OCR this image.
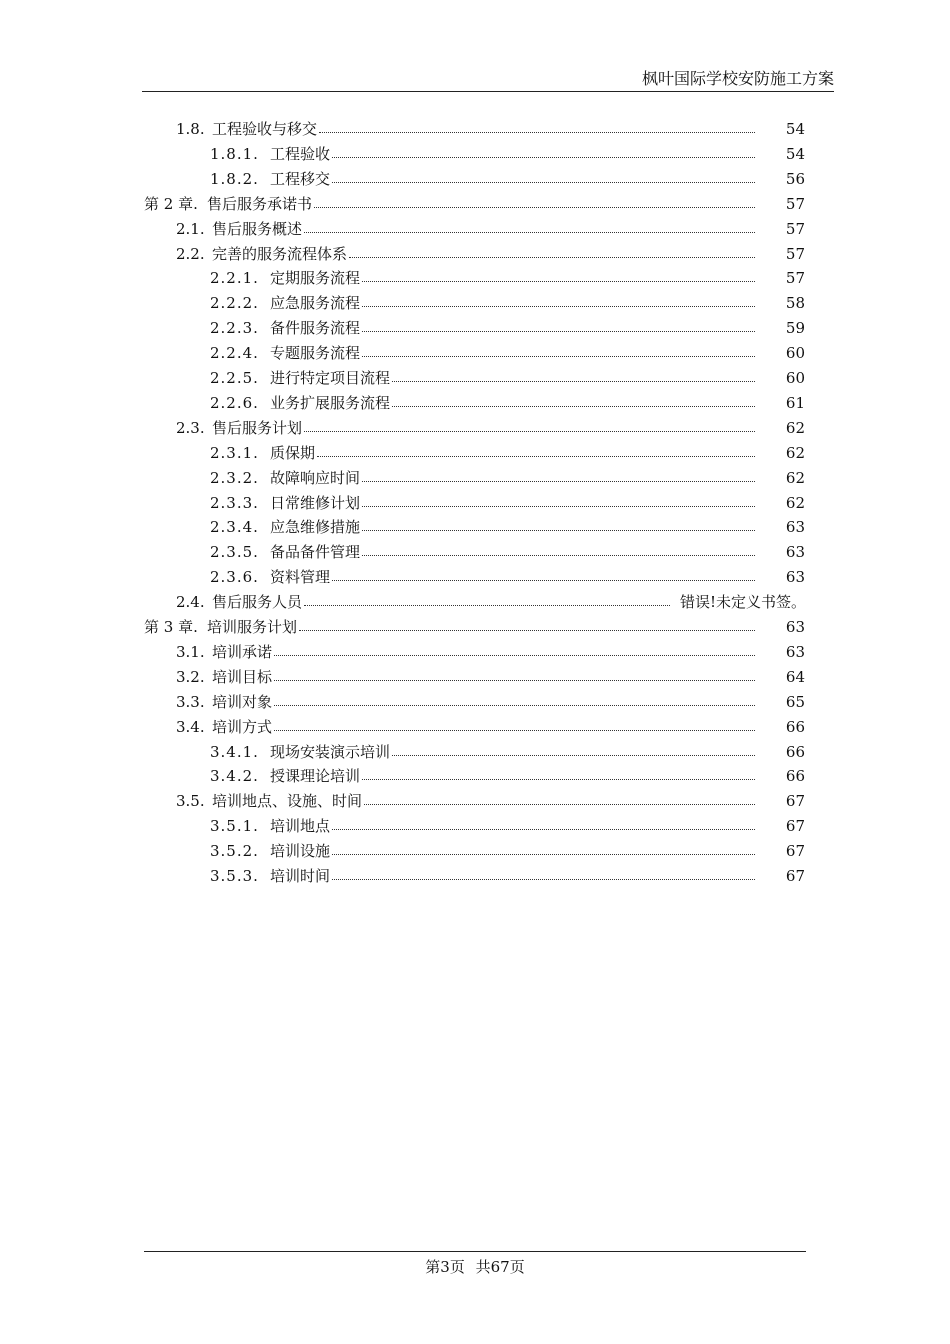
枫叶国际学校安防施工方案
1.8. 工程验收与移交	54
1.8.1. 工程验收	54
1.8.2. 工程移交	56
第 2 章. 售后服务承诺书	57
2.1. 售后服务概述	57
2.2. 完善的服务流程体系	57
2.2.1. 定期服务流程	57
2.2.2. 应急服务流程	58
2.2.3. 备件服务流程	59
2.2.4. 专题服务流程	60
2.2.5. 进行特定项目流程	60
2.2.6. 业务扩展服务流程	61
2.3. 售后服务计划	62
2.3.1. 质保期	62
2.3.2. 故障响应时间	62
2.3.3. 日常维修计划	62
2.3.4. 应急维修措施	63
2.3.5. 备品备件管理	63
2.3.6. 资料管理	63
2.4. 售后服务人员	错误!未定义书签。
第 3 章. 培训服务计划	63
3.1. 培训承诺	63
3.2. 培训目标	64
3.3. 培训对象	65
3.4. 培训方式	66
3.4.1. 现场安装演示培训	66
3.4.2. 授课理论培训	66
3.5. 培训地点、设施、时间	67
3.5.1. 培训地点	67
3.5.2. 培训设施	67
3.5.3. 培训时间	67
第3页 共67页
